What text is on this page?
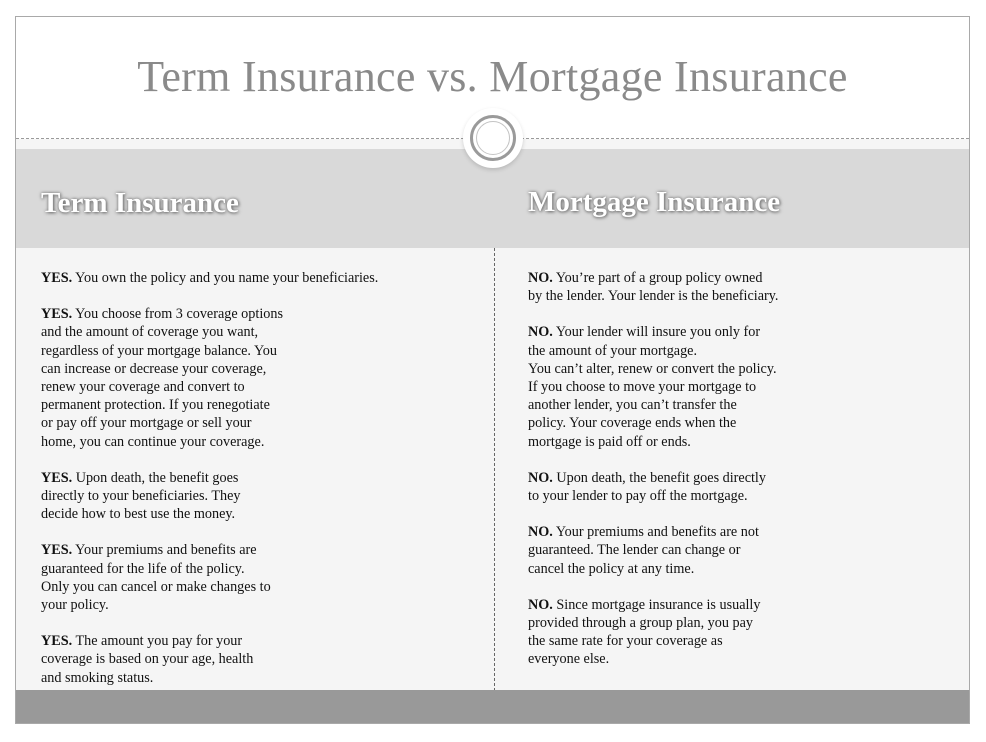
Term Insurance vs. Mortgage Insurance
Term Insurance	Mortgage Insurance
YES. You own the policy and you name your beneficiaries.
YES. You choose from 3 coverage options
and the amount of coverage you want,
regardless of your mortgage balance. You
can increase or decrease your coverage,
renew your coverage and convert to
permanent protection. If you renegotiate
or pay off your mortgage or sell your
home, you can continue your coverage.
YES. Upon death, the benefit goes
directly to your beneficiaries. They
decide how to best use the money.
YES. Your premiums and benefits are
guaranteed for the life of the policy.
Only you can cancel or make changes to
your policy.
YES. The amount you pay for your
coverage is based on your age, health
and smoking status.
NO. You’re part of a group policy owned
by the lender. Your lender is the beneficiary.
NO. Your lender will insure you only for
the amount of your mortgage.
You can’t alter, renew or convert the policy.
If you choose to move your mortgage to
another lender, you can’t transfer the
policy. Your coverage ends when the
mortgage is paid off or ends.
NO. Upon death, the benefit goes directly
to your lender to pay off the mortgage.
NO. Your premiums and benefits are not
guaranteed. The lender can change or
cancel the policy at any time.
NO. Since mortgage insurance is usually
provided through a group plan, you pay
the same rate for your coverage as
everyone else.
